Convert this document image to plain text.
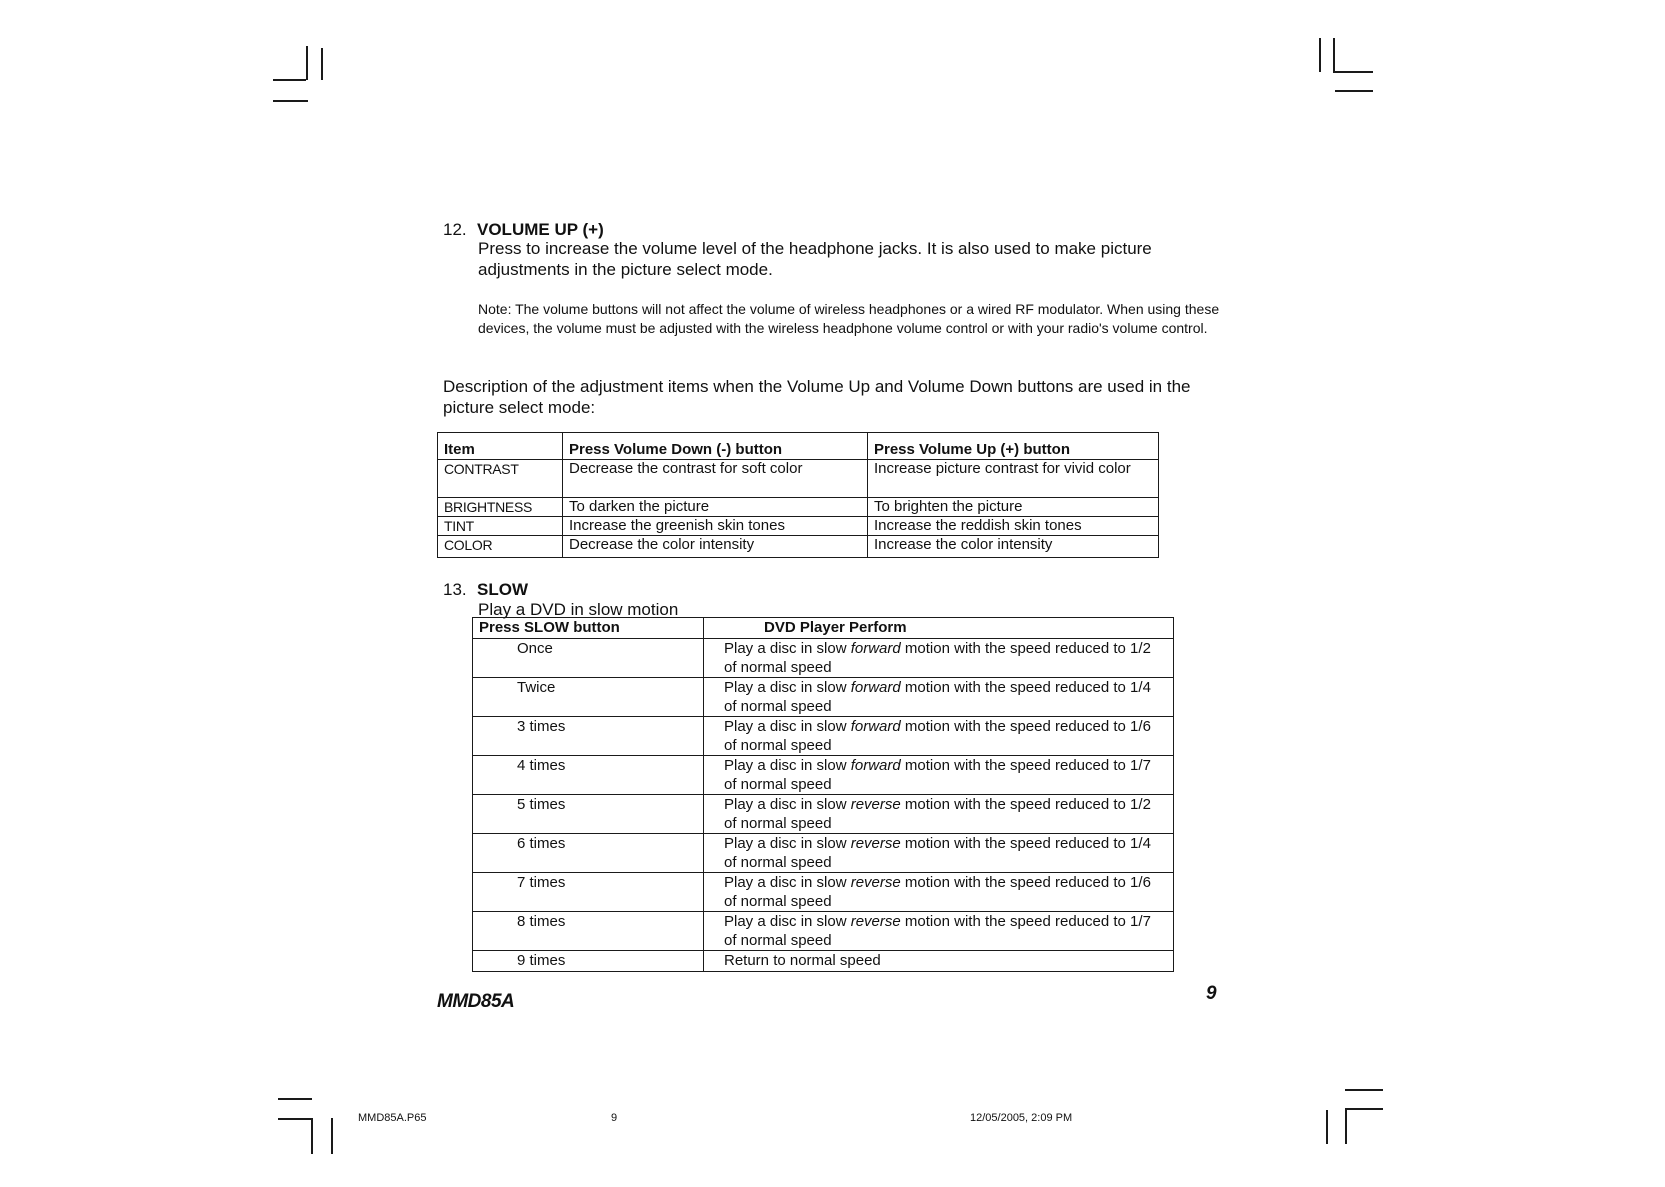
12. VOLUME UP (+)
Press to increase the volume level of the headphone jacks. It is also used to make picture adjustments in the picture select mode.
Note: The volume buttons will not affect the volume of wireless headphones or a wired RF modulator. When using these devices, the volume must be adjusted with the wireless headphone volume control or with your radio's volume control.
Description of the adjustment items when the Volume Up and Volume Down buttons are used in the picture select mode:
Item	Press Volume Down (-) button	Press Volume Up (+) button
CONTRAST	Decrease the contrast for soft color	Increase picture contrast for vivid color
BRIGHTNESS	To darken the picture	To brighten the picture
TINT	Increase the greenish skin tones	Increase the reddish skin tones
COLOR	Decrease the color intensity	Increase the color intensity
13. SLOW
Play a DVD in slow motion
Press SLOW button	DVD Player Perform
Once	Play a disc in slow forward motion with the speed reduced to 1/2 of normal speed
Twice	Play a disc in slow forward motion with the speed reduced to 1/4 of normal speed
3 times	Play a disc in slow forward motion with the speed reduced to 1/6 of normal speed
4 times	Play a disc in slow forward motion with the speed reduced to 1/7 of normal speed
5 times	Play a disc in slow reverse motion with the speed reduced to 1/2 of normal speed
6 times	Play a disc in slow reverse motion with the speed reduced to 1/4 of normal speed
7 times	Play a disc in slow reverse motion with the speed reduced to 1/6 of normal speed
8 times	Play a disc in slow reverse motion with the speed reduced to 1/7 of normal speed
9 times	Return to normal speed
MMD85A	9
MMD85A.P65	9	12/05/2005, 2:09 PM
